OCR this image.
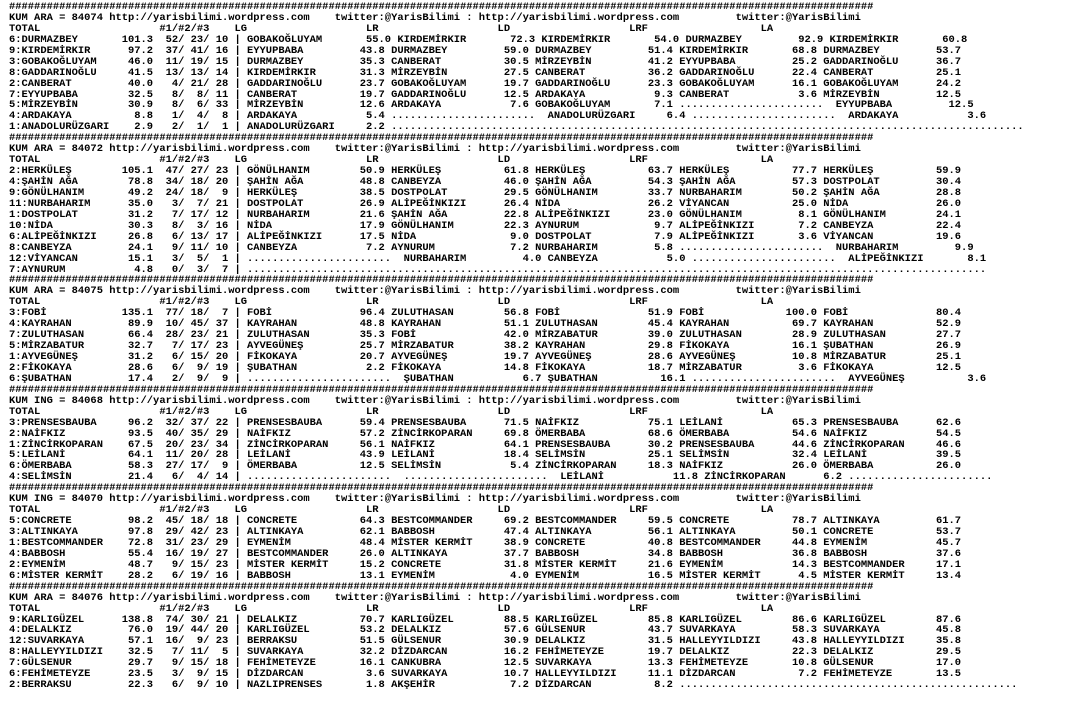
##########################################################################################################################################
KUM ARA = 84074 http://yarisbilimi.wordpress.com    twitter:@YarisBilimi : http://yarisbilimi.wordpress.com         twitter:@YarisBilimi
TOTAL                   #1/#2/#3    LG                   LR                   LD                   LRF                  LA
6:DURMAZBEY       101.3  52/ 23/ 10 | GOBAKOĞLUYAM       55.0 KIRDEMİRKIR       72.3 KIRDEMİRKIR       54.0 DURMAZBEY         92.9 KIRDEMİRKIR       60.8
9:KIRDEMİRKIR      97.2  37/ 41/ 16 | EYYUPBABA         43.8 DURMAZBEY         59.0 DURMAZBEY         51.4 KIRDEMİRKIR       68.8 DURMAZBEY         53.7
3:GOBAKOĞLUYAM     46.0  11/ 19/ 15 | DURMAZBEY         35.3 CANBERAT          30.5 MİRZEYBİN         41.2 EYYUPBABA         25.2 GADDARINOĞLU      36.7
8:GADDARINOĞLU     41.5  13/ 13/ 14 | KIRDEMİRKIR       31.3 MİRZEYBİN         27.5 CANBERAT          36.2 GADDARINOĞLU      22.4 CANBERAT          25.1
2:CANBERAT         40.0   4/ 21/ 28 | GADDARINOĞLU      23.7 GOBAKOĞLUYAM      19.7 GADDARINOĞLU      23.3 GOBAKOĞLUYAM      16.1 GOBAKOĞLUYAM      24.2
7:EYYUPBABA        32.5   8/  8/ 11 | CANBERAT          19.7 GADDARINOĞLU      12.5 ARDAKAYA           9.3 CANBERAT           3.6 MİRZEYBİN         12.5
5:MİRZEYBİN        30.9   8/  6/ 33 | MİRZEYBİN         12.6 ARDAKAYA           7.6 GOBAKOĞLUYAM       7.1 .......................  EYYUPBABA         12.5
4:ARDAKAYA          8.8   1/  4/  8 | ARDAKAYA           5.4 .......................  ANADOLURÜZGARI     6.4 .......................  ARDAKAYA           3.6
1:ANADOLURÜZGARI    2.9   2/  1/  1 | ANADOLURÜZGARI     2.2 .....................................................................................................
##########################################################################################################################################
KUM ARA = 84072 http://yarisbilimi.wordpress.com    twitter:@YarisBilimi : http://yarisbilimi.wordpress.com         twitter:@YarisBilimi
TOTAL                   #1/#2/#3    LG                   LR                   LD                   LRF                  LA
2:HERKÜLEŞ        105.1  47/ 27/ 23 | GÖNÜLHANIM        50.9 HERKÜLEŞ          61.8 HERKÜLEŞ          63.7 HERKÜLEŞ          77.7 HERKÜLEŞ          59.9
4:ŞAHİN AĞA        78.8  34/ 18/ 20 | ŞAHİN AĞA         48.8 CANBEYZA          46.0 ŞAHİN AĞA         54.3 ŞAHİN AĞA         57.3 DOSTPOLAT         30.4
9:GÖNÜLHANIM       49.2  24/ 18/  9 | HERKÜLEŞ          38.5 DOSTPOLAT         29.5 GÖNÜLHANIM        33.7 NURBAHARIM        50.2 ŞAHİN AĞA         28.8
11:NURBAHARIM      35.0   3/  7/ 21 | DOSTPOLAT         26.9 ALİPEĞİNKIZI      26.4 NİDA              26.2 VİYANCAN          25.0 NİDA              26.0
1:DOSTPOLAT        31.2   7/ 17/ 12 | NURBAHARIM        21.6 ŞAHİN AĞA         22.8 ALİPEĞİNKIZI      23.0 GÖNÜLHANIM         8.1 GÖNÜLHANIM        24.1
10:NİDA            30.3   8/  3/ 16 | NİDA              17.9 GÖNÜLHANIM        22.3 AYNURUM            9.7 ALİPEĞİNKIZI       7.2 CANBEYZA          22.4
6:ALİPEĞİNKIZI     26.8   6/ 13/ 17 | ALİPEĞİNKIZI      17.5 NİDA               9.0 DOSTPOLAT          7.9 ALİPEĞİNKIZI       3.6 VİYANCAN          19.6
8:CANBEYZA         24.1   9/ 11/ 10 | CANBEYZA           7.2 AYNURUM            7.2 NURBAHARIM         5.8 .......................  NURBAHARIM         9.9
12:VİYANCAN        15.1   3/  5/  1 | .......................  NURBAHARIM         4.0 CANBEYZA           5.0 .......................  ALİPEĞİNKIZI       8.1
7:AYNURUM           4.8   0/  3/  7 | ......................................................................................................................
##########################################################################################################################################
KUM ARA = 84075 http://yarisbilimi.wordpress.com    twitter:@YarisBilimi : http://yarisbilimi.wordpress.com         twitter:@YarisBilimi
TOTAL                   #1/#2/#3    LG                   LR                   LD                   LRF                  LA
3:FOBİ            135.1  77/ 18/  7 | FOBİ              96.4 ZULUTHASAN        56.8 FOBİ              51.9 FOBİ             100.0 FOBİ              80.4
4:KAYRAHAN         89.9  10/ 45/ 37 | KAYRAHAN          48.8 KAYRAHAN          51.1 ZULUTHASAN        45.4 KAYRAHAN          69.7 KAYRAHAN          52.9
7:ZULUTHASAN       66.4  28/ 23/ 21 | ZULUTHASAN        35.3 FOBİ              42.0 MİRZABATUR        39.0 ZULUTHASAN        28.9 ZULUTHASAN        27.7
5:MİRZABATUR       32.7   7/ 17/ 23 | AYVEGÜNEŞ         25.7 MİRZABATUR        38.2 KAYRAHAN          29.8 FİKOKAYA          16.1 ŞUBATHAN          26.9
1:AYVEGÜNEŞ        31.2   6/ 15/ 20 | FİKOKAYA          20.7 AYVEGÜNEŞ         19.7 AYVEGÜNEŞ         28.6 AYVEGÜNEŞ         10.8 MİRZABATUR        25.1
2:FİKOKAYA         28.6   6/  9/ 19 | ŞUBATHAN           2.2 FİKOKAYA          14.8 FİKOKAYA          18.7 MİRZABATUR         3.6 FİKOKAYA          12.5
6:ŞUBATHAN         17.4   2/  9/  9 | .......................  ŞUBATHAN           6.7 ŞUBATHAN          16.1 .......................  AYVEGÜNEŞ          3.6
##########################################################################################################################################
KUM ING = 84068 http://yarisbilimi.wordpress.com    twitter:@YarisBilimi : http://yarisbilimi.wordpress.com         twitter:@YarisBilimi
TOTAL                   #1/#2/#3    LG                   LR                   LD                   LRF                  LA
3:PRENSESBAUBA     96.2  32/ 37/ 22 | PRENSESBAUBA      59.4 PRENSESBAUBA      71.5 NAİFKIZ           75.1 LEİLANİ           65.3 PRENSESBAUBA      62.6
2:NAİFKIZ          93.5  40/ 35/ 29 | NAİFKIZ           57.2 ZİNCİRKOPARAN     69.8 ÖMERBABA          68.6 ÖMERBABA          54.6 NAİFKIZ           54.5
1:ZİNCİRKOPARAN    67.5  20/ 23/ 34 | ZİNCİRKOPARAN     56.1 NAİFKIZ           64.1 PRENSESBAUBA      30.2 PRENSESBAUBA      44.6 ZİNCİRKOPARAN     46.6
5:LEİLANİ          64.1  11/ 20/ 28 | LEİLANİ           43.9 LEİLANİ           18.4 SELİMSİN          25.1 SELİMSİN          32.4 LEİLANİ           39.5
6:ÖMERBABA         58.3  27/ 17/  9 | ÖMERBABA          12.5 SELİMSİN           5.4 ZİNCİRKOPARAN     18.3 NAİFKIZ           26.0 ÖMERBABA          26.0
4:SELİMSİN         21.4   6/  4/ 14 | .......................  .......................  LEİLANİ           11.8 ZİNCİRKOPARAN      6.2 .......................
##########################################################################################################################################
KUM ING = 84070 http://yarisbilimi.wordpress.com    twitter:@YarisBilimi : http://yarisbilimi.wordpress.com         twitter:@YarisBilimi
TOTAL                   #1/#2/#3    LG                   LR                   LD                   LRF                  LA
5:CONCRETE         98.2  45/ 18/ 18 | CONCRETE          64.3 BESTCOMMANDER     69.2 BESTCOMMANDER     59.5 CONCRETE          78.7 ALTINKAYA         61.7
3:ALTINKAYA        97.8  29/ 42/ 23 | ALTINKAYA         62.1 BABBOSH           47.4 ALTINKAYA         56.1 ALTINKAYA         50.1 CONCRETE          53.7
1:BESTCOMMANDER    72.8  31/ 23/ 29 | EYMENİM           48.4 MİSTER KERMİT     38.9 CONCRETE          40.8 BESTCOMMANDER     44.8 EYMENİM           45.7
4:BABBOSH          55.4  16/ 19/ 27 | BESTCOMMANDER     26.0 ALTINKAYA         37.7 BABBOSH           34.8 BABBOSH           36.8 BABBOSH           37.6
2:EYMENİM          48.7   9/ 15/ 23 | MİSTER KERMİT     15.2 CONCRETE          31.8 MİSTER KERMİT     21.6 EYMENİM           14.3 BESTCOMMANDER     17.1
6:MİSTER KERMİT    28.2   6/ 19/ 16 | BABBOSH           13.1 EYMENİM            4.0 EYMENİM           16.5 MİSTER KERMİT      4.5 MİSTER KERMİT     13.4
##########################################################################################################################################
KUM ARA = 84076 http://yarisbilimi.wordpress.com    twitter:@YarisBilimi : http://yarisbilimi.wordpress.com         twitter:@YarisBilimi
TOTAL                   #1/#2/#3    LG                   LR                   LD                   LRF                  LA
9:KARLIGÜZEL      138.8  74/ 30/ 21 | DELALKIZ          70.7 KARLIGÜZEL        88.5 KARLIGÜZEL        85.8 KARLIGÜZEL        86.6 KARLIGÜZEL        87.6
4:DELALKIZ         76.0  19/ 44/ 20 | KARLIGÜZEL        53.2 DELALKIZ          57.6 GÜLSENUR          43.7 SUVARKAYA         58.3 SUVARKAYA         45.8
12:SUVARKAYA       57.1  16/  9/ 23 | BERRAKSU          51.5 GÜLSENUR          30.9 DELALKIZ          31.5 HALLEYYILDIZI     43.8 HALLEYYILDIZI     35.8
8:HALLEYYILDIZI    32.5   7/ 11/  5 | SUVARKAYA         32.2 DİZDARCAN         16.2 FEHİMETEYZE       19.7 DELALKIZ          22.3 DELALKIZ          29.5
7:GÜLSENUR         29.7   9/ 15/ 18 | FEHİMETEYZE       16.1 CANKUBRA          12.5 SUVARKAYA         13.3 FEHİMETEYZE       10.8 GÜLSENUR          17.0
6:FEHİMETEYZE      23.5   3/  9/ 15 | DİZDARCAN          3.6 SUVARKAYA         10.7 HALLEYYILDIZI     11.1 DİZDARCAN          7.2 FEHİMETEYZE       13.5
2:BERRAKSU         22.3   6/  9/ 10 | NAZLIPRENSES       1.8 AKŞEHİR            7.2 DİZDARCAN          8.2 ......................................................
